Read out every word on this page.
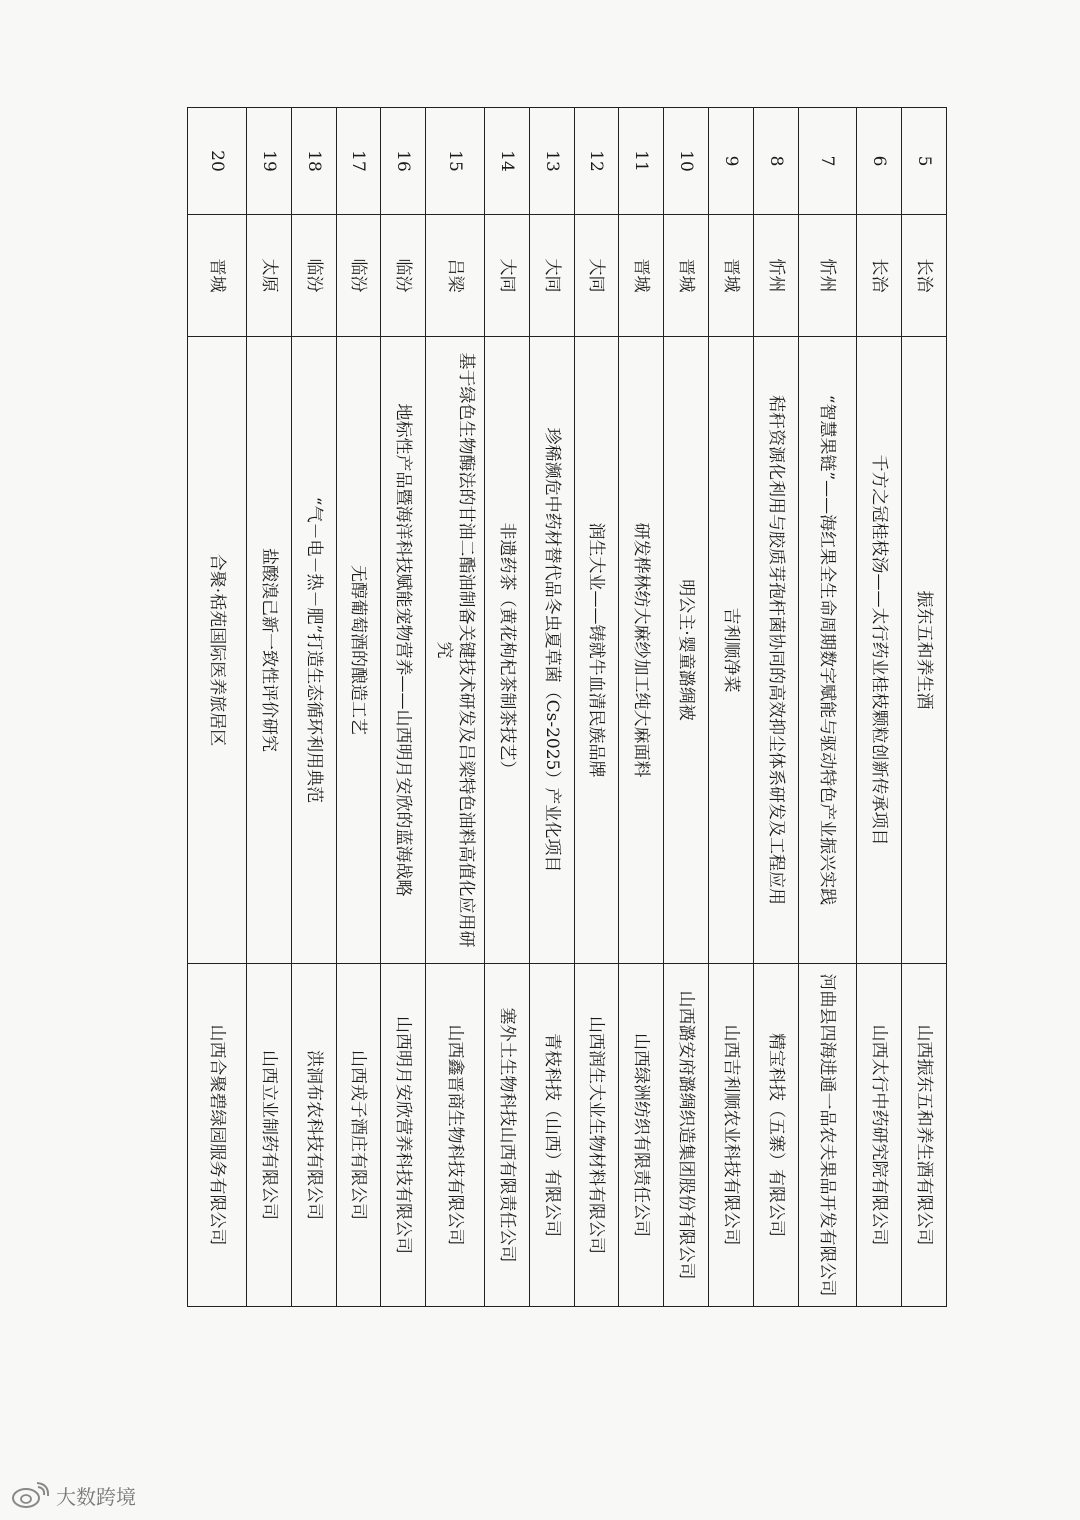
5	长治	振东五和养生酒	山西振东五和养生酒有限公司
6	长治	千方之冠桂枝汤——太行药业桂枝颗粒创新传承项目	山西太行中药研究院有限公司
7	忻州	“智慧果链”——海红果全生命周期数字赋能与驱动特色产业振兴实践	河曲县四海进通一品农夫果品开发有限公司
8	忻州	秸秆资源化利用与胶质芽孢杆菌协同的高效抑尘体系研发及工程应用	精宝科技（五寨）有限公司
9	晋城	吉利顺净菜	山西吉利顺农业科技有限公司
10	晋城	明公主·婴童潞绸被	山西潞安府潞绸织造集团股份有限公司
11	晋城	研发桦林纺大麻纱加工纯大麻面料	山西绿洲纺织有限责任公司
12	大同	润生大业——铸就牛血清民族品牌	山西润生大业生物材料有限公司
13	大同	珍稀濒危中药材替代品冬虫夏草菌（Cs-2025）产业化项目	青枝科技（山西）有限公司
14	大同	非遗药茶（黄花枸杞茶制茶技艺）	塞外土生物科技山西有限责任公司
15	吕梁	基于绿色生物酶法的甘油二酯油制备关键技术研发及吕梁特色油料高值化应用研究	山西鑫晋商生物科技有限公司
16	临汾	地标性产品暨海洋科技赋能宠物营养——山西明月安欣的蓝海战略	山西明月安欣营养科技有限公司
17	临汾	无醇葡萄酒的酿造工艺	山西戎子酒庄有限公司
18	临汾	“气－电－热－肥”打造生态循环利用典范	洪洞布农科技有限公司
19	太原	盐酸溴己新一致性评价研究	山西立业制药有限公司
20	晋城	合聚·栝苑国际医养旅居区	山西合聚碧绿园服务有限公司
大数跨境
